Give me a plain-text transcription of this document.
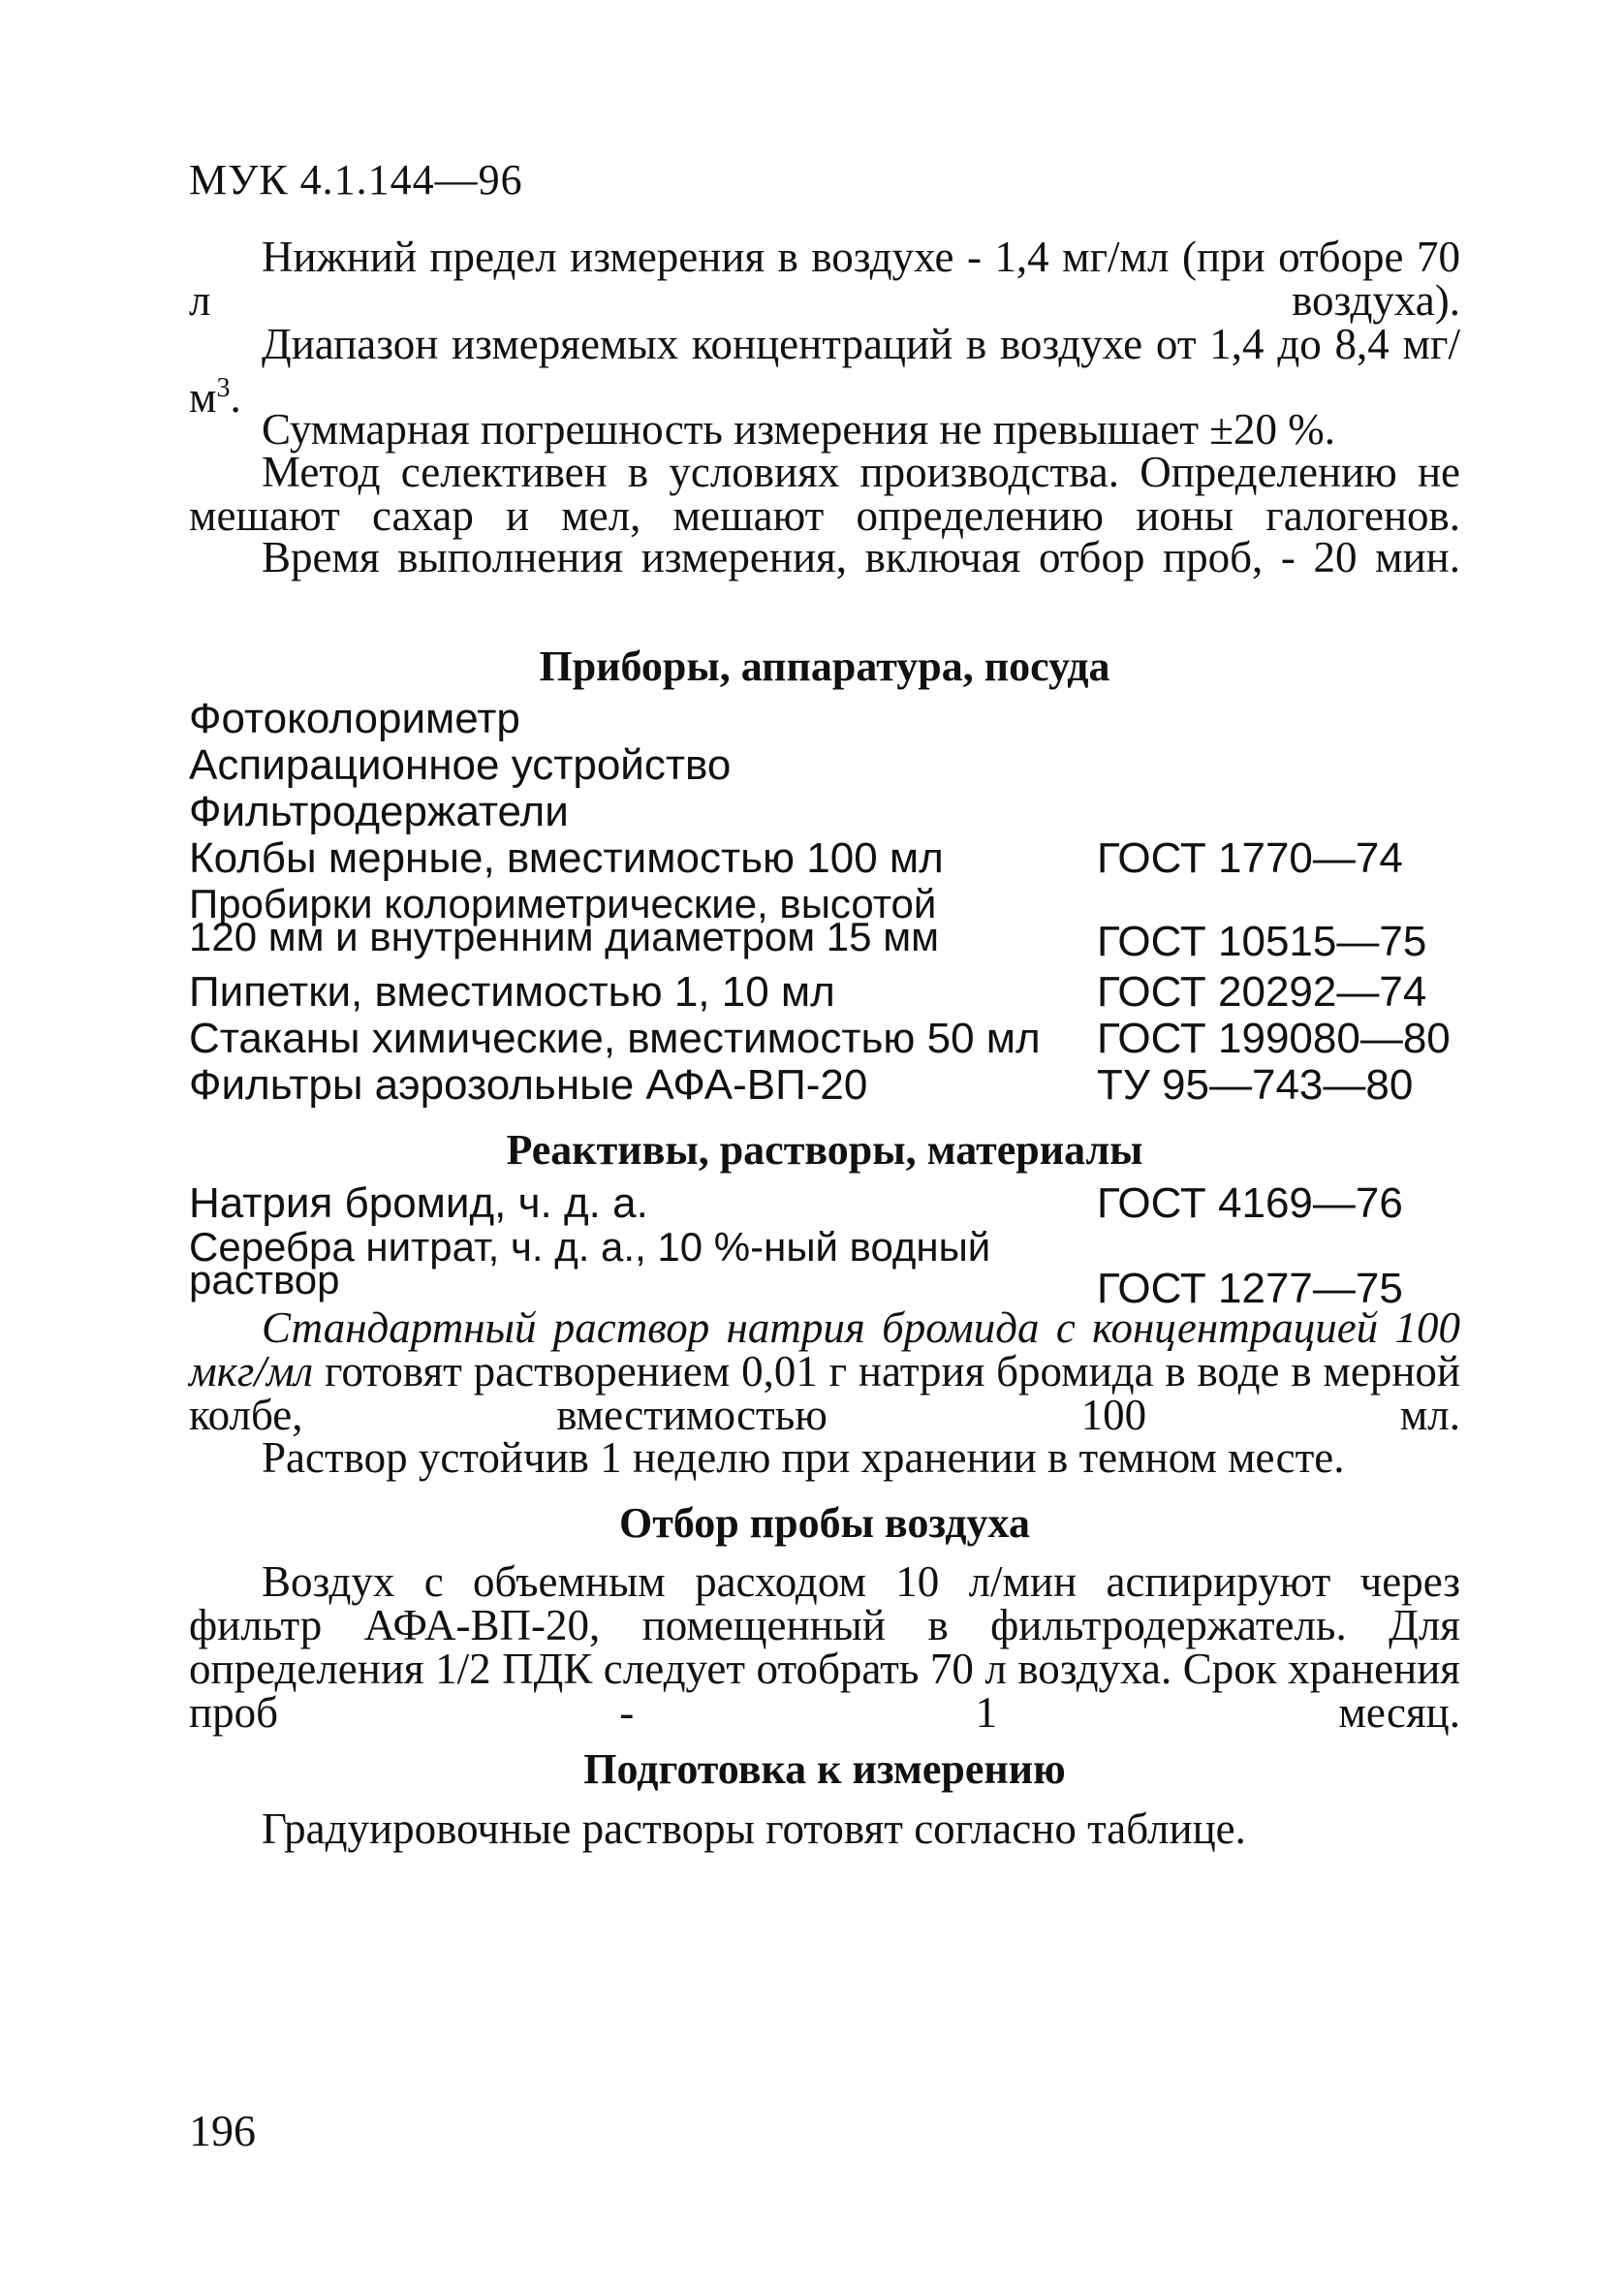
МУК 4.1.144—96
Нижний предел измерения в воздухе - 1,4 мг/мл (при отборе 70 л воздуха).
Диапазон измеряемых концентраций в воздухе от 1,4 до 8,4 $мг/м^3$.
Суммарная погрешность измерения не превышает ±20 %.
Метод селективен в условиях производства. Определению не мешают сахар и мел, мешают определению ионы галогенов.
Время выполнения измерения, включая отбор проб, - 20 мин.
Приборы, аппаратура, посуда
Фотоколориметр
Аспирационное устройство
Фильтродержатели
Колбы мерные, вместимостью 100 мл	ГОСТ 1770—74
Пробирки колориметрические, высотой
120 мм и внутренним диаметром 15 мм	ГОСТ 10515—75
Пипетки, вместимостью 1, 10 мл	ГОСТ 20292—74
Стаканы химические, вместимостью 50 мл ГОСТ 199080—80
Фильтры аэрозольные АФА-ВП-20	ТУ 95—743—80
Реактивы, растворы, материалы
Натрия бромид, ч. д. а.	ГОСТ 4169—76
Серебра нитрат, ч. д. а., 10 %-ный водный
раствор	ГОСТ 1277—75
Стандартный раствор натрия бромида с концентрацией 100 мкг/мл готовят растворением 0,01 г натрия бромида в воде в мерной колбе, вместимостью 100 мл.
Раствор устойчив 1 неделю при хранении в темном месте.
Отбор пробы воздуха
Воздух с объемным расходом 10 л/мин аспирируют через фильтр АФА-ВП-20, помещенный в фильтродержатель. Для определения 1/2 ПДК следует отобрать 70 л воздуха. Срок хранения проб - 1 месяц.
Подготовка к измерению
Градуировочные растворы готовят согласно таблице.
196
